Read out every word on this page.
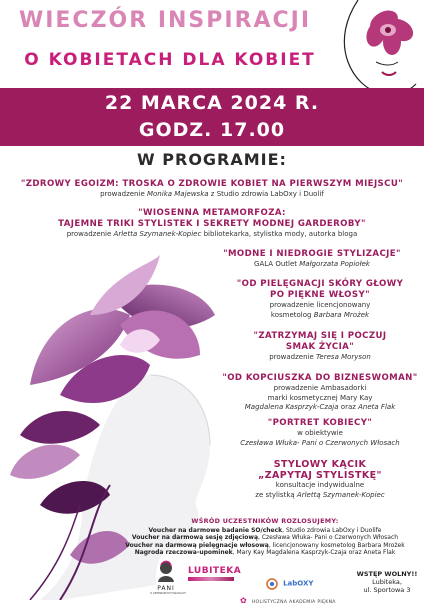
WIECZÓR INSPIRACJI
O KOBIETACH DLA KOBIET
22 MARCA 2024 R.
GODZ. 17.00
W PROGRAMIE:
"ZDROWY EGOIZM: TROSKA O ZDROWIE KOBIET NA PIERWSZYM MIEJSCU"
prowadzenie Monika Majewska z Studio zdrowia LabOxy i Duolif
"WIOSENNA METAMORFOZA:
TAJEMNE TRIKI STYLISTEK I SEKRETY MODNEJ GARDEROBY"
prowadzenie Arletta Szymanek-Kopiec bibliotekarka, stylistka mody, autorka bloga
"MODNE I NIEDROGIE STYLIZACJE"
GALA Outlet Małgorzata Popiołek
"OD PIELĘGNACJI SKÓRY GŁOWY
PO PIĘKNE WŁOSY"
prowadzenie licencjonowany
kosmetolog Barbara Mrożek
"ZATRZYMAJ SIĘ I POCZUJ
SMAK ŻYCIA"
prowadzenie Teresa Moryson
"OD KOPCIUSZKA DO BIZNESWOMAN"
prowadzenie Ambasadorki
marki kosmetycznej Mary Kay
Magdalena Kasprzyk-Czaja oraz Aneta Flak
"PORTRET KOBIECY"
w obiektywie
Czesława Włuka- Pani o Czerwonych Włosach
STYLOWY KĄCIK
„ZAPYTAJ STYLISTKĘ"
konsultacje indywidualne
ze stylistką Arlettą Szymanek-Kopiec
WŚRÓD UCZESTNIKÓW ROZLOSUJEMY:
Voucher na darmowe badanie SO/check, Studio zdrowia LabOxy i Duolife
Voucher na darmową sesję zdjęciową, Czesława Włuka- Pani o Czerwonych Włosach
Voucher na darmową pielęgnacje włosową, licencjonowany kosmetolog Barbara Mrożek
Nagroda rzeczowa-upominek, Mary Kay Magdalena Kasprzyk-Czaja oraz Aneta Flak
PANI
O CZERWONYCH WŁOSACH
LUBITEKA
LabOXY
✿ HOLISTYCZNA AKADEMIA PIĘKNA
WSTĘP WOLNY!!
Lubiteka,
ul. Sportowa 3
